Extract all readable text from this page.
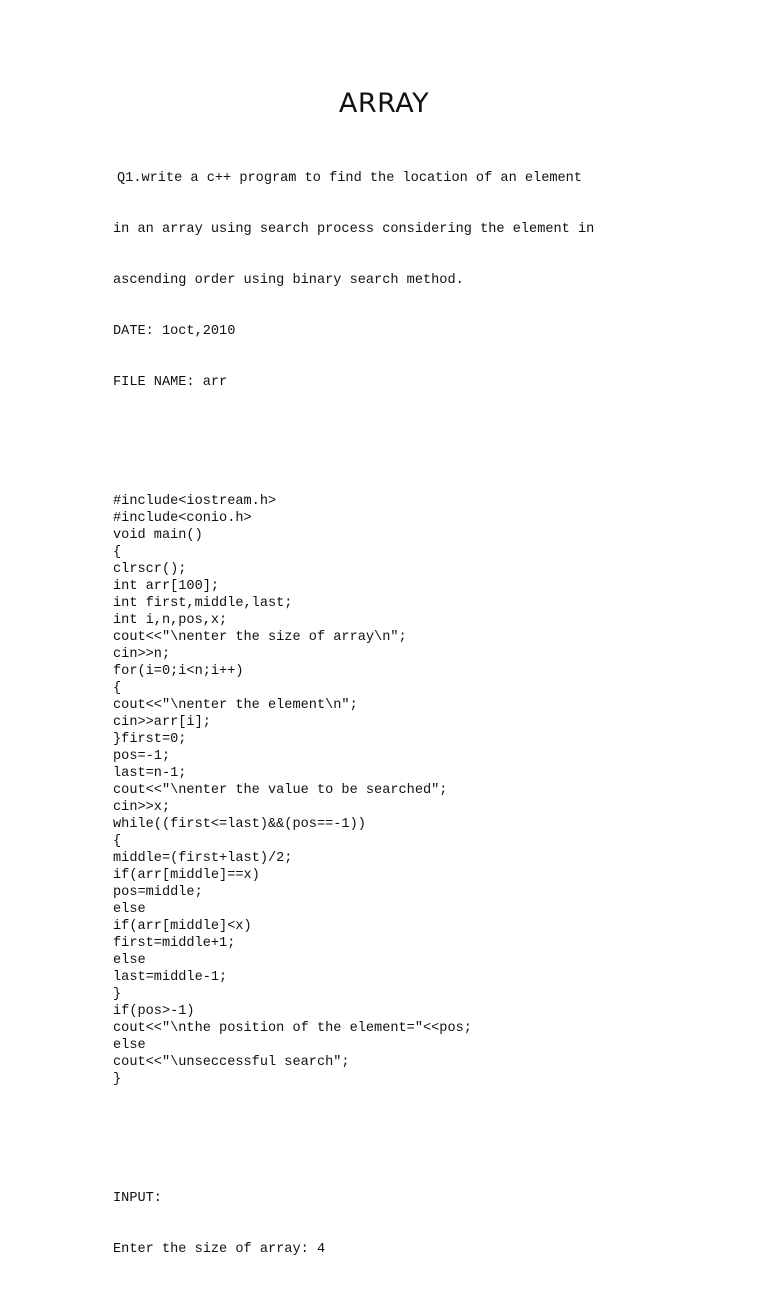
ARRAY

Q1.write a c++ program to find the location of an element

in an array using search process considering the element in

ascending order using binary search method.

DATE: 1oct,2010

FILE NAME: arr

#include<iostream.h>
#include<conio.h>
void main()
{
clrscr();
int arr[100];
int first,middle,last;
int i,n,pos,x;
cout<<"\nenter the size of array\n";
cin>>n;
for(i=0;i<n;i++)
{
cout<<"\nenter the element\n";
cin>>arr[i];
}first=0;
pos=-1;
last=n-1;
cout<<"\nenter the value to be searched";
cin>>x;
while((first<=last)&&(pos==-1))
{
middle=(first+last)/2;
if(arr[middle]==x)
pos=middle;
else
if(arr[middle]<x)
first=middle+1;
else
last=middle-1;
}
if(pos>-1)
cout<<"\nthe position of the element="<<pos;
else
cout<<"\unseccessful search";
}

INPUT:

Enter the size of array: 4
